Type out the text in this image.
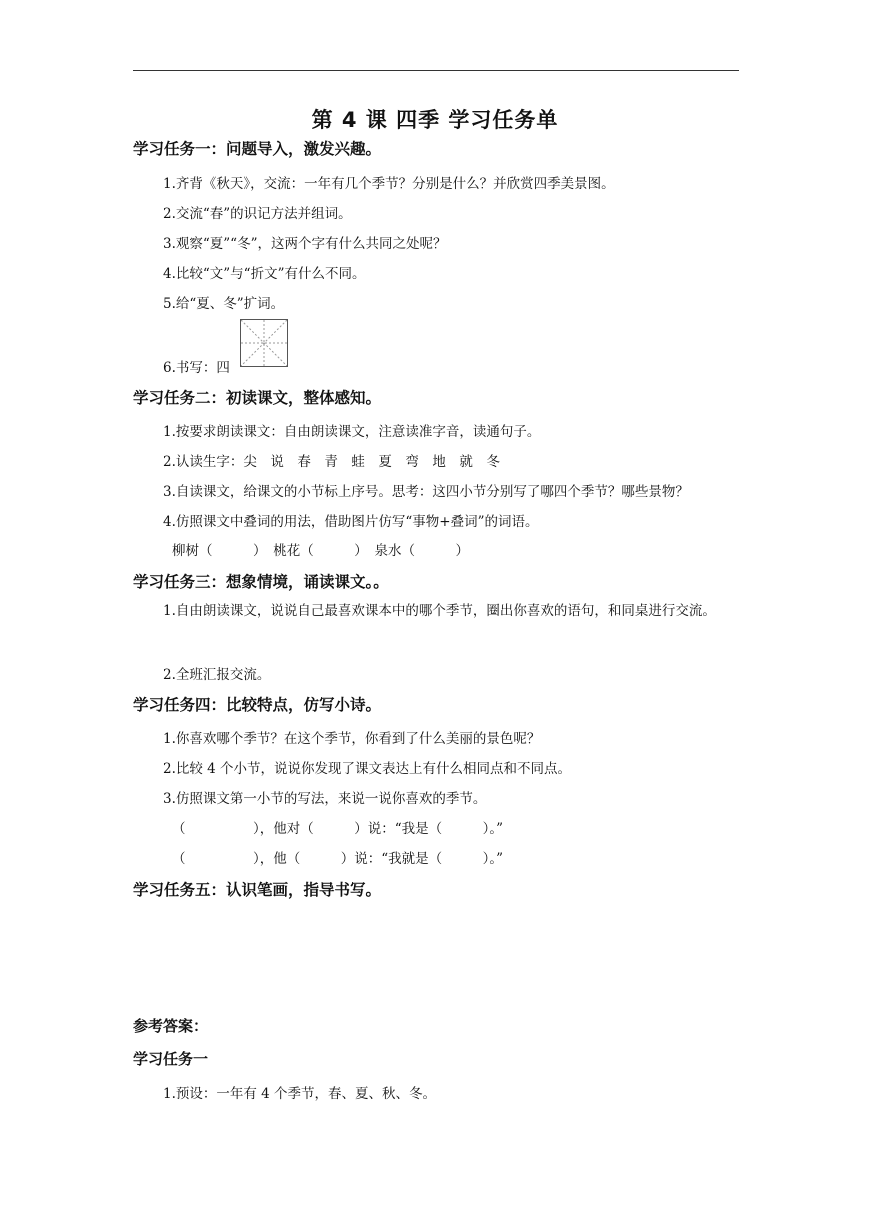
第 4 课 四季 学习任务单
学习任务一：问题导入，激发兴趣。
1.齐背《秋天》，交流：一年有几个季节？分别是什么？并欣赏四季美景图。
2.交流“春”的识记方法并组词。
3.观察“夏”“冬”，这两个字有什么共同之处呢？
4.比较“文”与“折文”有什么不同。
5.给“夏、冬”扩词。
6.书写：四
学习任务二：初读课文，整体感知。
1.按要求朗读课文：自由朗读课文，注意读准字音，读通句子。
2.认读生字：尖　说　春　青　蛙　夏　弯　地　就　冬
3.自读课文，给课文的小节标上序号。思考：这四小节分别写了哪四个季节？哪些景物？
4.仿照课文中叠词的用法，借助图片仿写“事物+叠词”的词语。
柳树（　　　）　桃花（　　　）　泉水（　　　）
学习任务三：想象情境，诵读课文。。
1.自由朗读课文，说说自己最喜欢课本中的哪个季节，圈出你喜欢的语句，和同桌进行交流。
2.全班汇报交流。
学习任务四：比较特点，仿写小诗。
1.你喜欢哪个季节？在这个季节，你看到了什么美丽的景色呢？
2.比较 4 个小节，说说你发现了课文表达上有什么相同点和不同点。
3.仿照课文第一小节的写法，来说一说你喜欢的季节。
（　　　　　），他对（　　　）说：“我是（　　　）。”
（　　　　　），他（　　　）说：“我就是（　　　）。”
学习任务五：认识笔画，指导书写。
参考答案：
学习任务一
1.预设：一年有 4 个季节，春、夏、秋、冬。
